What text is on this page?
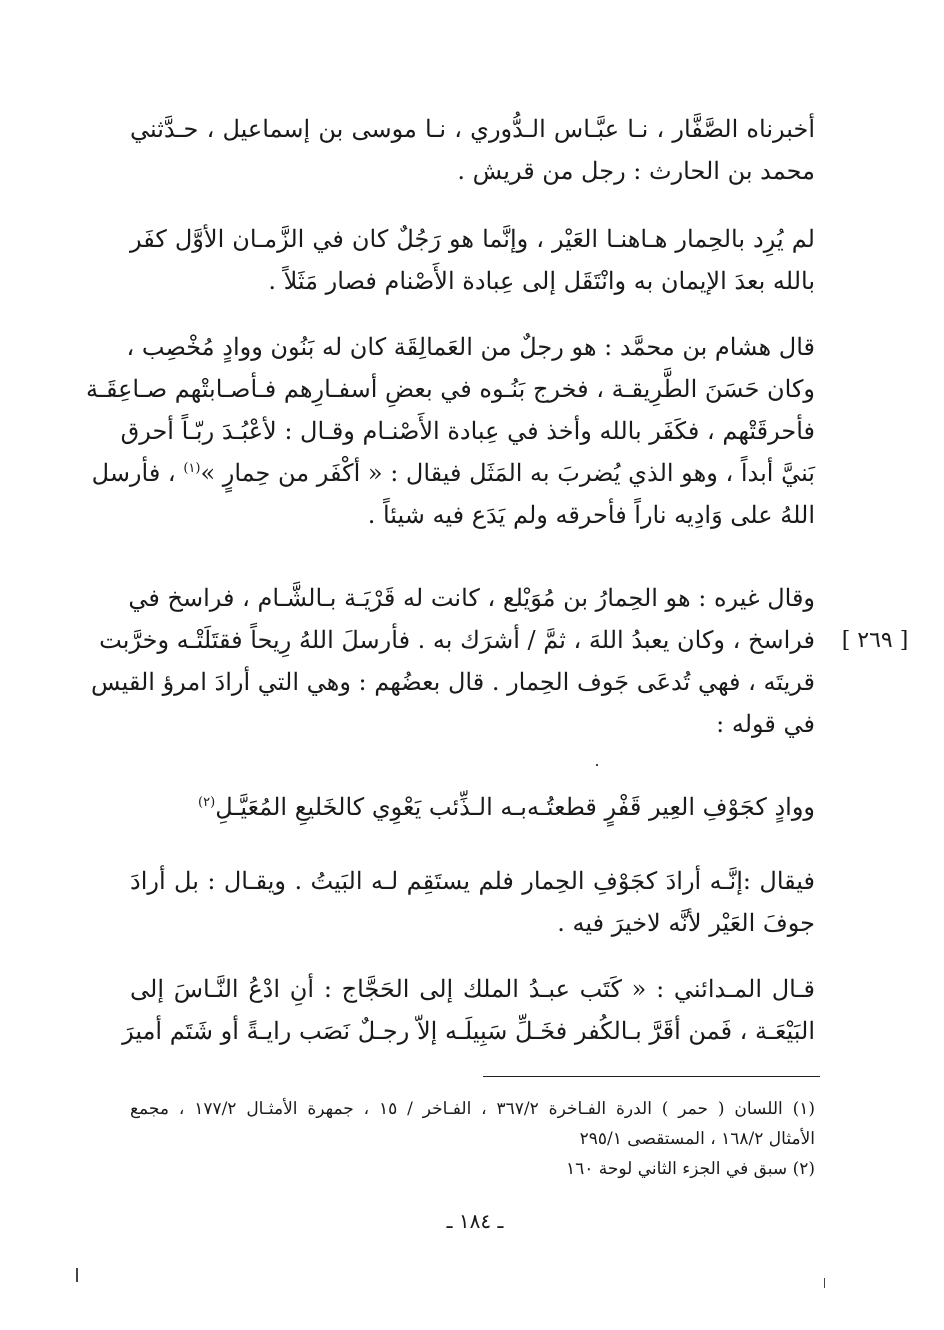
أخبرناه الصَّفَّار ، نـا عبَّـاس الـدُّوري ، نـا موسى بن إسماعيل ، حـدَّثني
محمد بن الحارث : رجل من قريش .
لم يُرِد بالحِمار هـاهنـا العَيْر ، وإنَّما هو رَجُلٌ كان في الزَّمـان الأوَّل كفَر
بالله بعدَ الإيمان به وانْتَقَل إلى عِبادة الأَصْنام فصار مَثَلاً .
قال هشام بن محمَّد : هو رجلٌ من العَمالِقَة كان له بَنُون ووادٍ مُخْصِب ،
وكان حَسَنَ الطَّرِيقـة ، فخرج بَنُـوه في بعضِ أسفـارِهم فـأصـابتْهم صـاعِقَـة
فأحرقَتْهم ، فكَفَر بالله وأخذ في عِبادة الأَصْنـام وقـال : لأعْبُـدَ ربّـاً أحرق
بَنيَّ أبداً ، وهو الذي يُضربَ به المَثَل فيقال : « أكْفَر من حِمارٍ »$^{(١)}$ ، فأرسل
اللهُ على وَادِيه ناراً فأحرقه ولم يَدَع فيه شيئاً .
وقال غيره : هو الحِمارُ بن مُوَيْلع ، كانت له قَرْيَـة بـالشَّـام ، فراسخ في
فراسخ ، وكان يعبدُ اللهَ ، ثمَّ / أشرَك به . فأرسلَ اللهُ رِيحاً فقتَلَتْـه وخرَّبت
قريتَه ، فهي تُدعَى جَوف الحِمار . قال بعضُهم : وهي التي أرادَ امرؤ القيس
في قوله :
[ ٢٦٩ ]
ووادٍ كجَوْفِ العِير قَفْرٍ قطعتُـه
بـه الـذِّئب يَعْوِي كالخَليعِ المُعَيَّـلِ$^{(٢)}$
فيقال :إنَّـه أرادَ كجَوْفِ الحِمار فلم يستَقِم لـه البَيتُ . ويقـال : بل أرادَ
جوفَ العَيْر لأنَّه لاخيرَ فيه .
قـال المـدائني : « كَتَب عبـدُ الملك إلى الحَجَّاج : أنِ ادْعُ النَّـاسَ إلى
البَيْعَـة ، فَمن أقَرَّ بـالكُفر فخَـلِّ سَبِيلَـه إلاّ رجـلٌ نَصَب رايـةً أو شَتَم أميرَ
(١) اللسان ( حمر ) الدرة الفـاخرة ٣٦٧/٢ ، الفـاخر / ١٥ ، جمهرة الأمثـال ١٧٧/٢ ، مجمع
الأمثال ١٦٨/٢ ، المستقصى ٢٩٥/١
(٢) سبق في الجزء الثاني لوحة ١٦٠
ـ ١٨٤ ـ
